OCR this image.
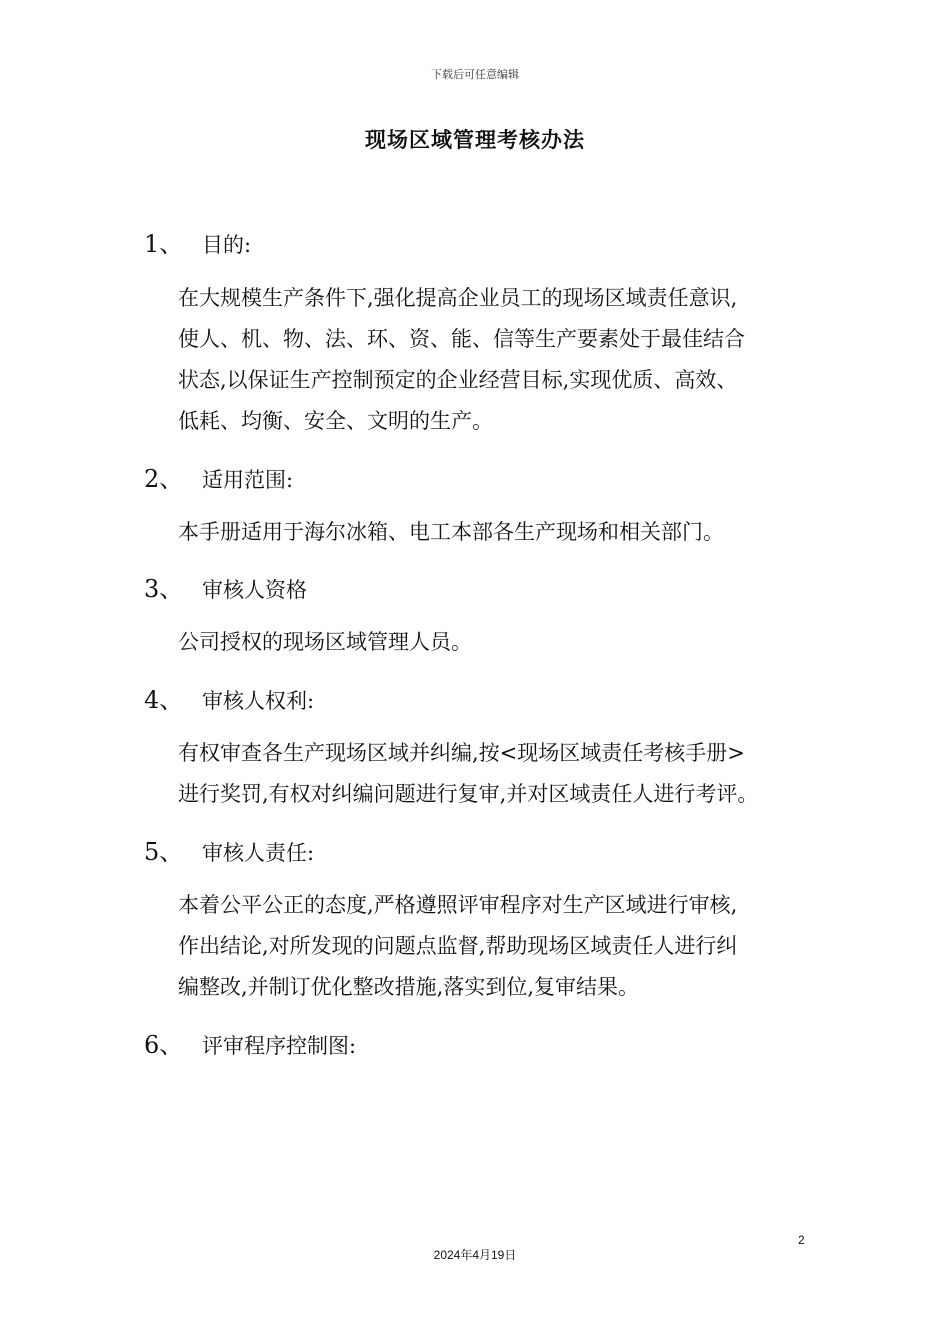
下载后可任意编辑
现场区域管理考核办法
1、 目的:
在大规模生产条件下,强化提高企业员工的现场区域责任意识,
使人、机、物、法、环、资、能、信等生产要素处于最佳结合
状态,以保证生产控制预定的企业经营目标,实现优质、高效、
低耗、均衡、安全、文明的生产。
2、 适用范围:
本手册适用于海尔冰箱、电工本部各生产现场和相关部门。
3、 审核人资格
公司授权的现场区域管理人员。
4、 审核人权利:
有权审查各生产现场区域并纠编,按<现场区域责任考核手册>
进行奖罚,有权对纠编问题进行复审,并对区域责任人进行考评。
5、 审核人责任:
本着公平公正的态度,严格遵照评审程序对生产区域进行审核,
作出结论,对所发现的问题点监督,帮助现场区域责任人进行纠
编整改,并制订优化整改措施,落实到位,复审结果。
6、 评审程序控制图:
2
2024年4月19日
